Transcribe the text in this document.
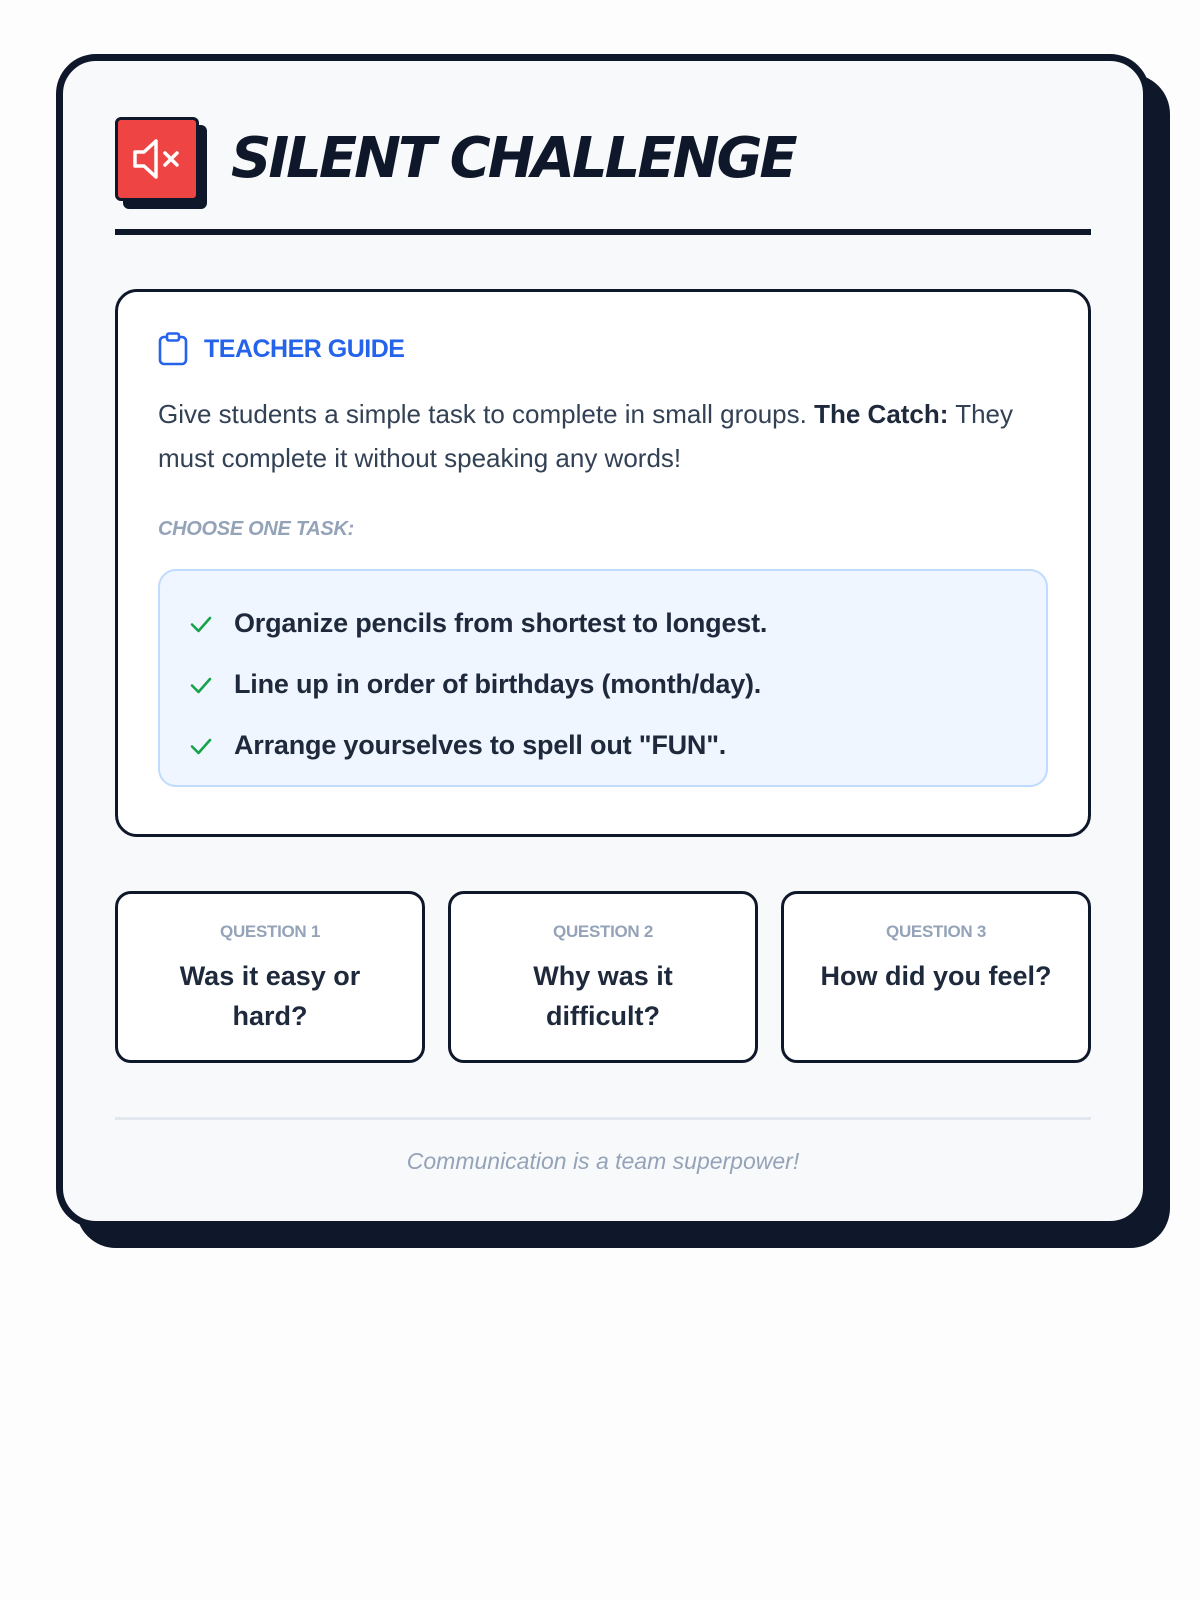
SILENT CHALLENGE
TEACHER GUIDE
Give students a simple task to complete in small groups. The Catch: They must complete it without speaking any words!
CHOOSE ONE TASK:
Organize pencils from shortest to longest.
Line up in order of birthdays (month/day).
Arrange yourselves to spell out "FUN".
QUESTION 1
Was it easy or hard?
QUESTION 2
Why was it difficult?
QUESTION 3
How did you feel?
Communication is a team superpower!
